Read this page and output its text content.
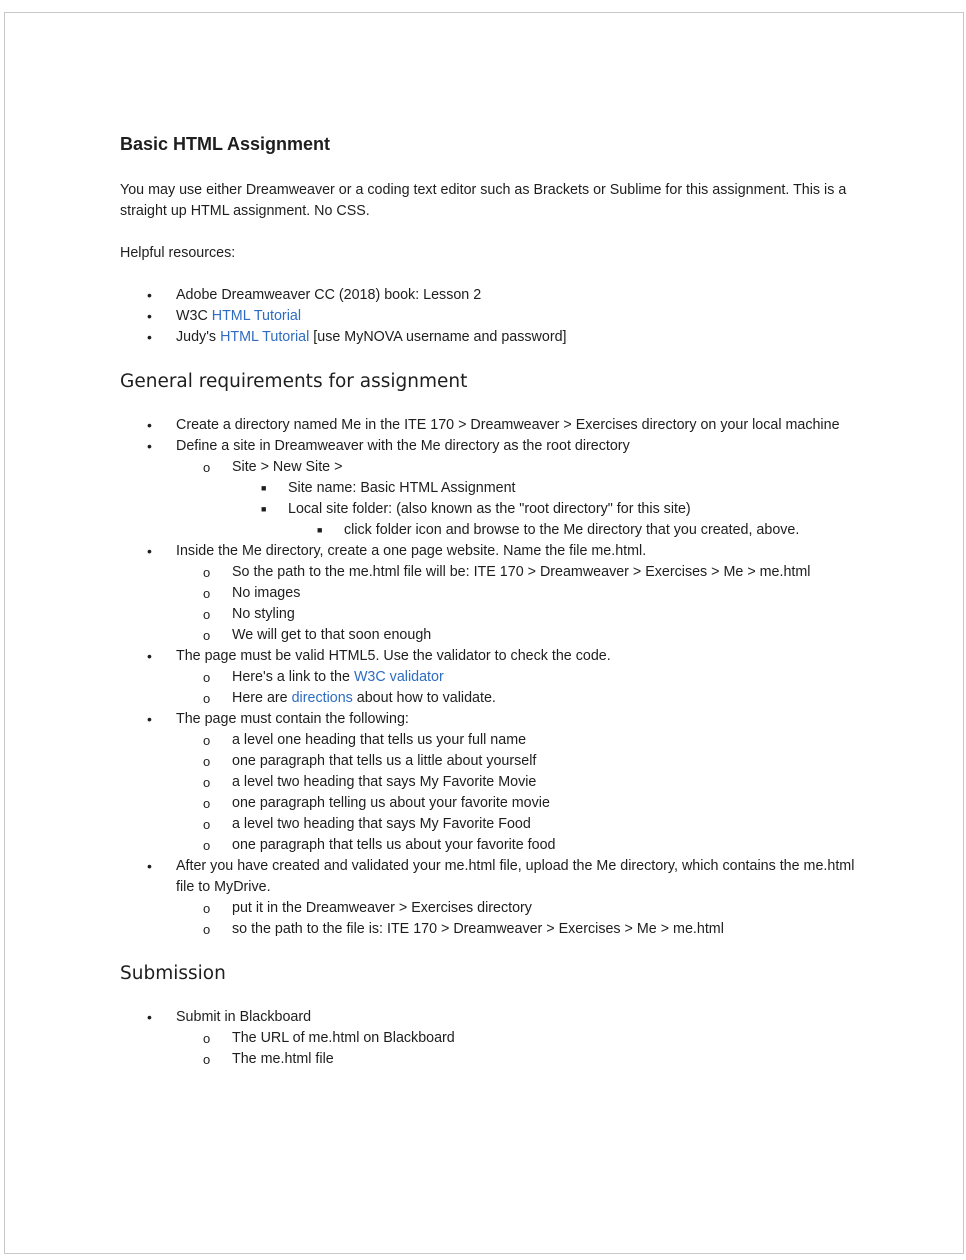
Basic HTML Assignment

You may use either Dreamweaver or a coding text editor such as Brackets or Sublime for this assignment. This is a straight up HTML assignment. No CSS.

Helpful resources:

• Adobe Dreamweaver CC (2018) book: Lesson 2
• W3C HTML Tutorial
• Judy's HTML Tutorial [use MyNOVA username and password]
General requirements for assignment
• Create a directory named Me in the ITE 170 > Dreamweaver > Exercises directory on your local machine
• Define a site in Dreamweaver with the Me directory as the root directory
o Site > New Site >
■ Site name: Basic HTML Assignment
■ Local site folder: (also known as the "root directory" for this site)
■ click folder icon and browse to the Me directory that you created, above.
• Inside the Me directory, create a one page website. Name the file me.html.
o So the path to the me.html file will be: ITE 170 > Dreamweaver > Exercises > Me > me.html
o No images
o No styling
o We will get to that soon enough
• The page must be valid HTML5. Use the validator to check the code.
o Here's a link to the W3C validator
o Here are directions about how to validate.
• The page must contain the following:
o a level one heading that tells us your full name
o one paragraph that tells us a little about yourself
o a level two heading that says My Favorite Movie
o one paragraph telling us about your favorite movie
o a level two heading that says My Favorite Food
o one paragraph that tells us about your favorite food
• After you have created and validated your me.html file, upload the Me directory, which contains the me.html file to MyDrive.
o put it in the Dreamweaver > Exercises directory
o so the path to the file is: ITE 170 > Dreamweaver > Exercises > Me > me.html
Submission
• Submit in Blackboard
o The URL of me.html on Blackboard
o The me.html file
